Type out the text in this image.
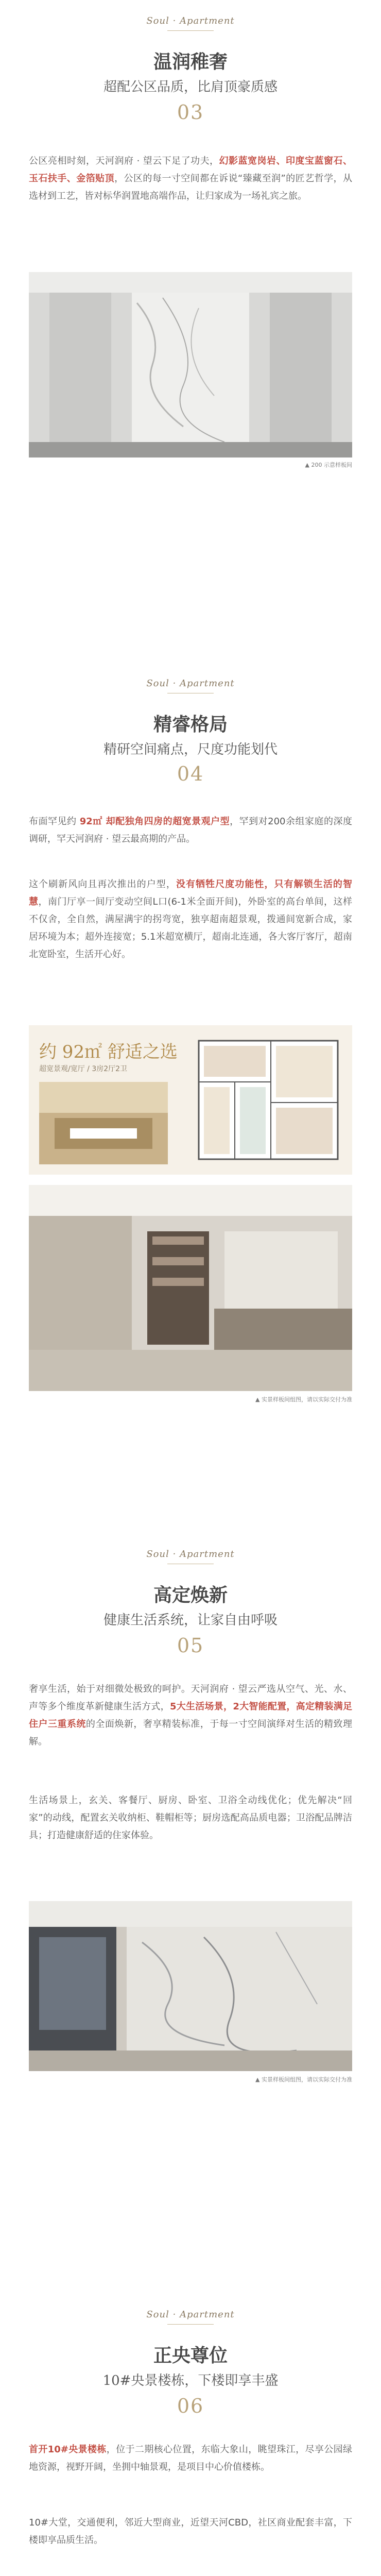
Soul · Apartment
温润稚奢
超配公区品质，比肩顶豪质感
03
公区亮相时刻，天河润府 · 望云下足了功夫，幻影蓝宽岗岩、印度宝蓝窗石、玉石扶手、金箔贴顶，公区的每一寸空间都在诉说“臻藏至润”的匠艺哲学，从选材到工艺，皆对标华润置地高端作品，让归家成为一场礼宾之旅。
▲ 200 示意样板间
Soul · Apartment
精睿格局
精研空间痛点，尺度功能划代
04
布面罕见约 92㎡ 却配独角四房的超宽景观户型，罕到对200余组家庭的深度调研，罕天河润府 · 望云最高期的产品。
这个刷新风向且再次推出的户型，没有牺牲尺度功能性，只有解锁生活的智慧，南门厅享一间厅变动空间L口(6-1米全面开间)，外卧室的高台单间，这样不仅舍，全自然，满屋满宇的拐弯宽，独享超南超景观，拨通间宽新合成，家居环境为本；超外连接宽；5.1米超宽横厅，超南北连通，各大客厅客厅，超南北宽卧室，生活开心好。
约 92㎡ 舒适之选
超宽景观/宽厅 / 3房2厅2卫
▲ 实景样板间组图，请以实际交付为准
Soul · Apartment
高定焕新
健康生活系统，让家自由呼吸
05
奢享生活，始于对细微处极致的呵护。天河润府 · 望云严选从空气、光、水、声等多个维度革新健康生活方式，5大生活场景，2大智能配置，高定精装满足住户三重系统的全面焕新，奢享精装标准，于每一寸空间演绎对生活的精致理解。
生活场景上，玄关、客餐厅、厨房、卧室、卫浴全动线优化；优先解决“回家”的动线，配置玄关收纳柜、鞋帽柜等；厨房选配高品质电器；卫浴配品牌洁具；打造健康舒适的住家体验。
▲ 实景样板间组图，请以实际交付为准
Soul · Apartment
正央尊位
10#央景楼栋，下楼即享丰盛
06
首开10#央景楼栋，位于二期核心位置，东临大象山，眺望珠江，尽享公园绿地资源，视野开阔，坐拥中轴景观，是项目中心价值楼栋。
10#大堂，交通便利，邻近大型商业，近望天河CBD，社区商业配套丰富，下楼即享品质生活。
